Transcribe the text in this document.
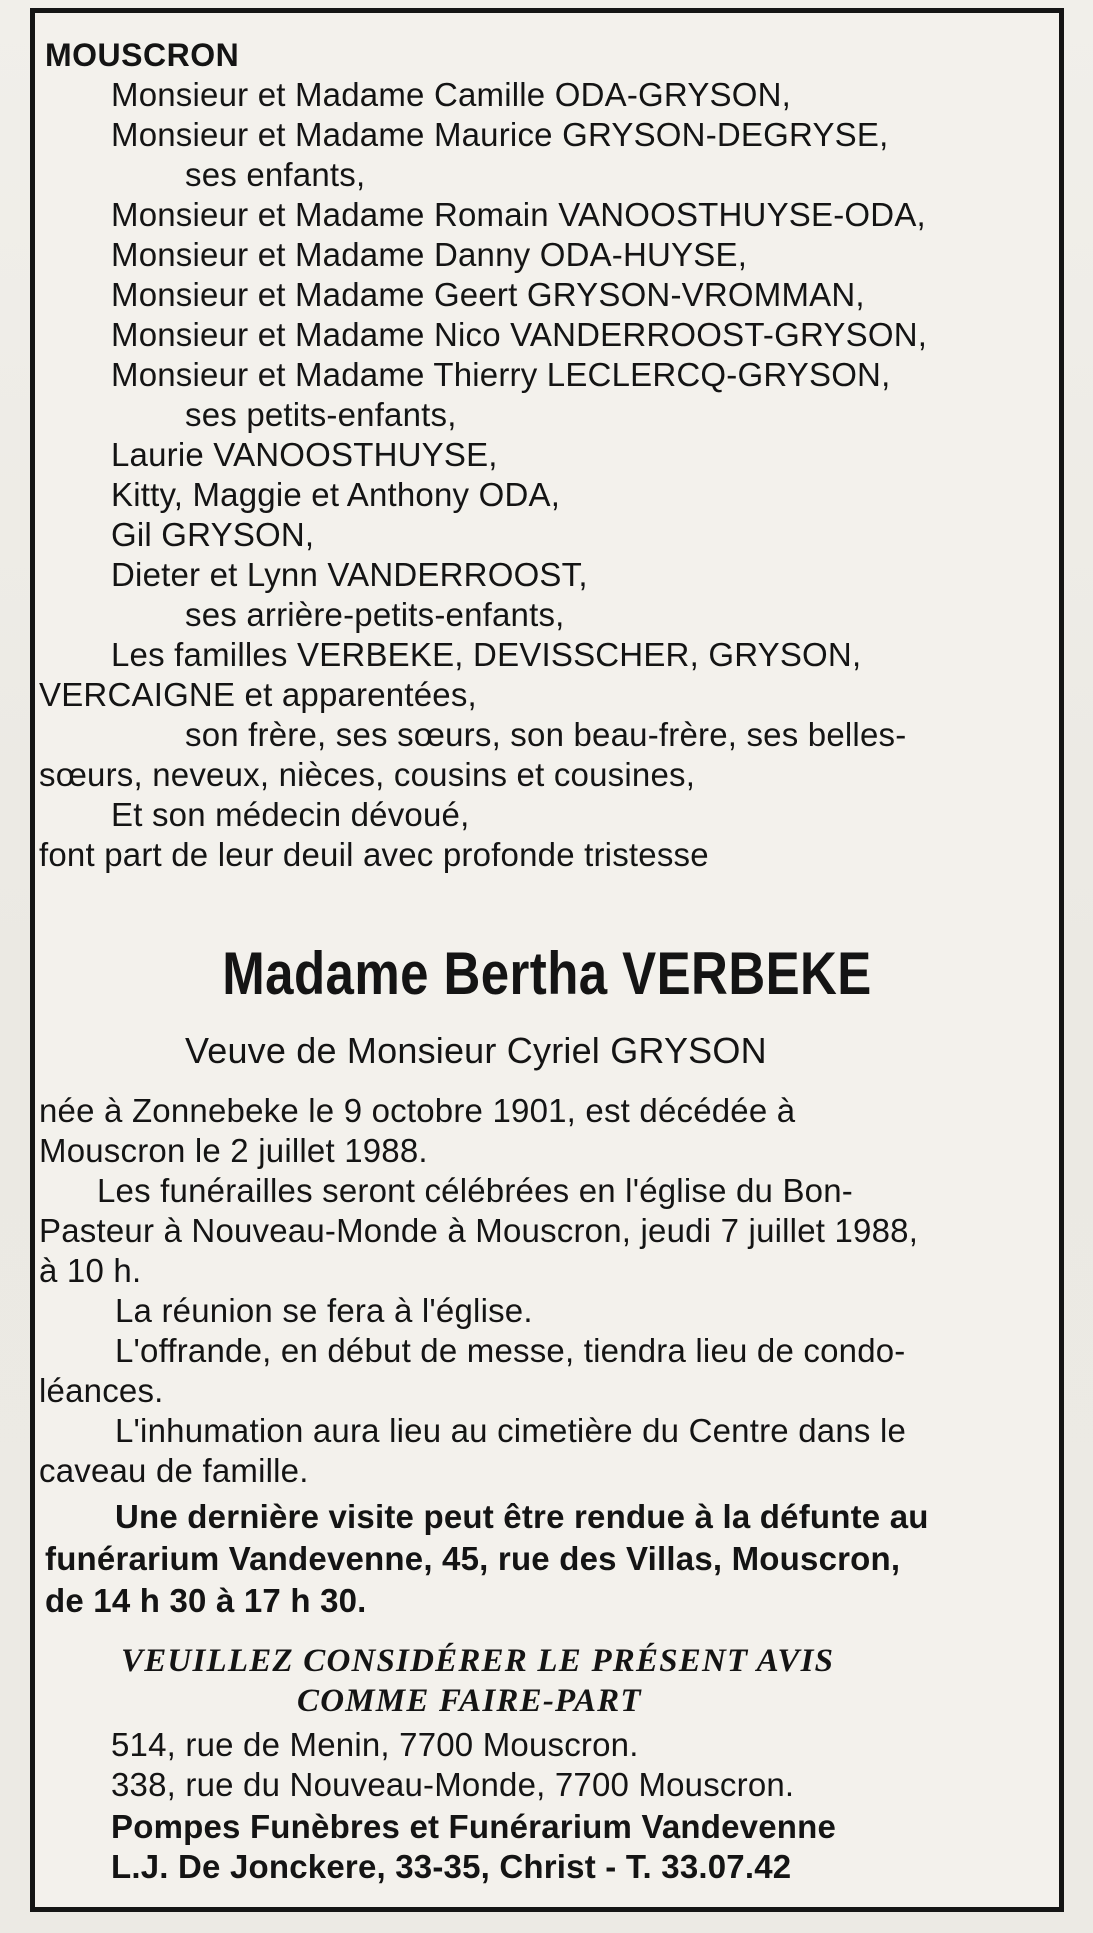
MOUSCRON
Monsieur et Madame Camille ODA-GRYSON,
Monsieur et Madame Maurice GRYSON-DEGRYSE,
ses enfants,
Monsieur et Madame Romain VANOOSTHUYSE-ODA,
Monsieur et Madame Danny ODA-HUYSE,
Monsieur et Madame Geert GRYSON-VROMMAN,
Monsieur et Madame Nico VANDERROOST-GRYSON,
Monsieur et Madame Thierry LECLERCQ-GRYSON,
ses petits-enfants,
Laurie VANOOSTHUYSE,
Kitty, Maggie et Anthony ODA,
Gil GRYSON,
Dieter et Lynn VANDERROOST,
ses arrière-petits-enfants,
Les familles VERBEKE, DEVISSCHER, GRYSON,
VERCAIGNE et apparentées,
son frère, ses sœurs, son beau-frère, ses belles-
sœurs, neveux, nièces, cousins et cousines,
Et son médecin dévoué,
font part de leur deuil avec profonde tristesse
Madame Bertha VERBEKE
Veuve de Monsieur Cyriel GRYSON
née à Zonnebeke le 9 octobre 1901, est décédée à
Mouscron le 2 juillet 1988.
Les funérailles seront célébrées en l'église du Bon-
Pasteur à Nouveau-Monde à Mouscron, jeudi 7 juillet 1988,
à 10 h.
La réunion se fera à l'église.
L'offrande, en début de messe, tiendra lieu de condo-
léances.
L'inhumation aura lieu au cimetière du Centre dans le
caveau de famille.
Une dernière visite peut être rendue à la défunte au
funérarium Vandevenne, 45, rue des Villas, Mouscron,
de 14 h 30 à 17 h 30.
VEUILLEZ CONSIDÉRER LE PRÉSENT AVIS
COMME FAIRE-PART
514, rue de Menin, 7700 Mouscron.
338, rue du Nouveau-Monde, 7700 Mouscron.
Pompes Funèbres et Funérarium Vandevenne
L.J. De Jonckere, 33-35, Christ - T. 33.07.42
